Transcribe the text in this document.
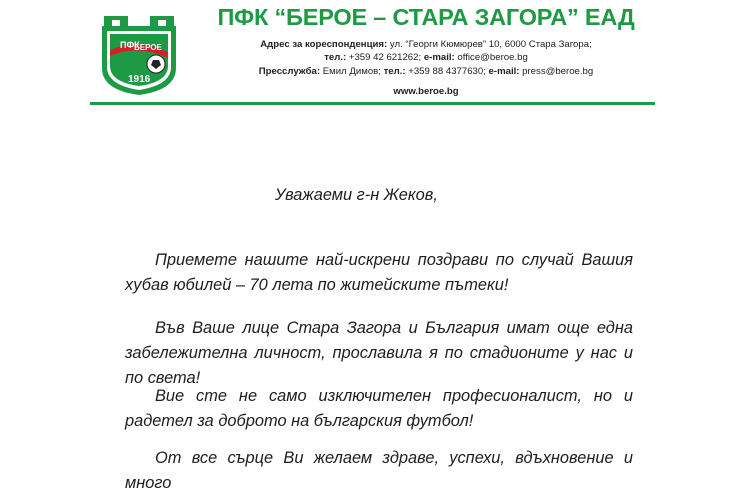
ПФК
БЕРОЕ
1916
ПФК “БЕРОЕ – СТАРА ЗАГОРА” ЕАД
Адрес за кореспонденция: ул. “Георги Кюмюрев” 10, 6000 Стара Загора;
тел.: +359 42 621262; e-mail: office@beroe.bg
Пресслужба: Емил Димов; тел.: +359 88 4377630; e-mail: press@beroe.bg
www.beroe.bg
Уважаеми г-н Жеков,
Приемете нашите най-искрени поздрави по случай Вашия хубав юбилей – 70 лета по житейските пътеки!
Във Ваше лице Стара Загора и България имат още една забележителна личност, прославила я по стадионите у нас и по света!
Вие сте не само изключителен професионалист, но и радетел за доброто на българския футбол!
От все сърце Ви желаем здраве, успехи, вдъхновение и много
